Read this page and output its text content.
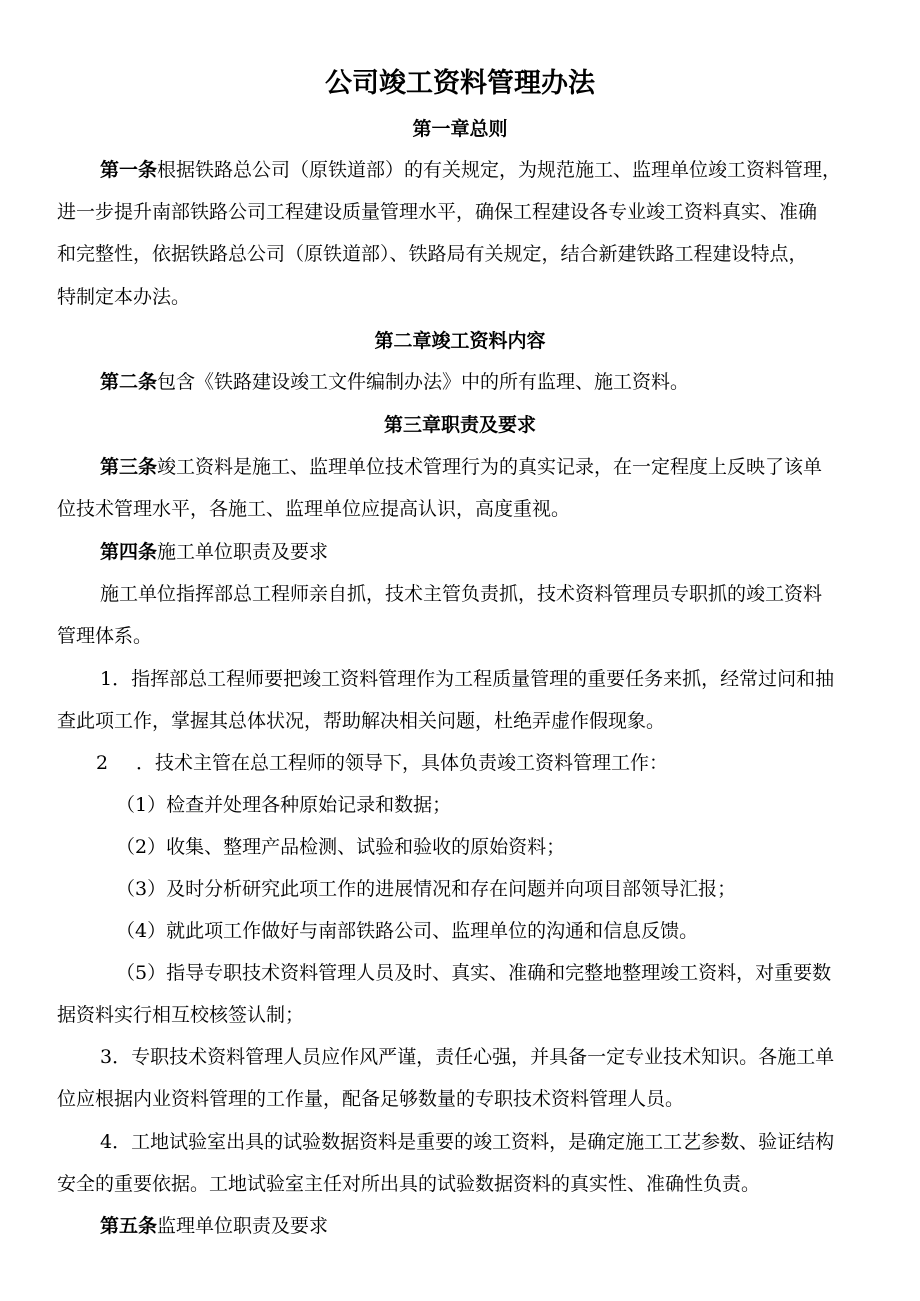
公司竣工资料管理办法
第一章总则

第一条根据铁路总公司（原铁道部）的有关规定，为规范施工、监理单位竣工资料管理，

进一步提升南部铁路公司工程建设质量管理水平，确保工程建设各专业竣工资料真实、准确

和完整性，依据铁路总公司（原铁道部）、铁路局有关规定，结合新建铁路工程建设特点，

特制定本办法。

第二章竣工资料内容

第二条包含《铁路建设竣工文件编制办法》中的所有监理、施工资料。

第三章职责及要求

第三条竣工资料是施工、监理单位技术管理行为的真实记录，在一定程度上反映了该单

位技术管理水平，各施工、监理单位应提高认识，高度重视。

第四条施工单位职责及要求

施工单位指挥部总工程师亲自抓，技术主管负责抓，技术资料管理员专职抓的竣工资料

管理体系。

1．指挥部总工程师要把竣工资料管理作为工程质量管理的重要任务来抓，经常过问和抽

查此项工作，掌握其总体状况，帮助解决相关问题，杜绝弄虚作假现象。

2 ．技术主管在总工程师的领导下，具体负责竣工资料管理工作：

（1）检查并处理各种原始记录和数据；

（2）收集、整理产品检测、试验和验收的原始资料；

（3）及时分析研究此项工作的进展情况和存在问题并向项目部领导汇报；

（4）就此项工作做好与南部铁路公司、监理单位的沟通和信息反馈。

（5）指导专职技术资料管理人员及时、真实、准确和完整地整理竣工资料，对重要数

据资料实行相互校核签认制；

3．专职技术资料管理人员应作风严谨，责任心强，并具备一定专业技术知识。各施工单

位应根据内业资料管理的工作量，配备足够数量的专职技术资料管理人员。

4．工地试验室出具的试验数据资料是重要的竣工资料，是确定施工工艺参数、验证结构

安全的重要依据。工地试验室主任对所出具的试验数据资料的真实性、准确性负责。

第五条监理单位职责及要求
